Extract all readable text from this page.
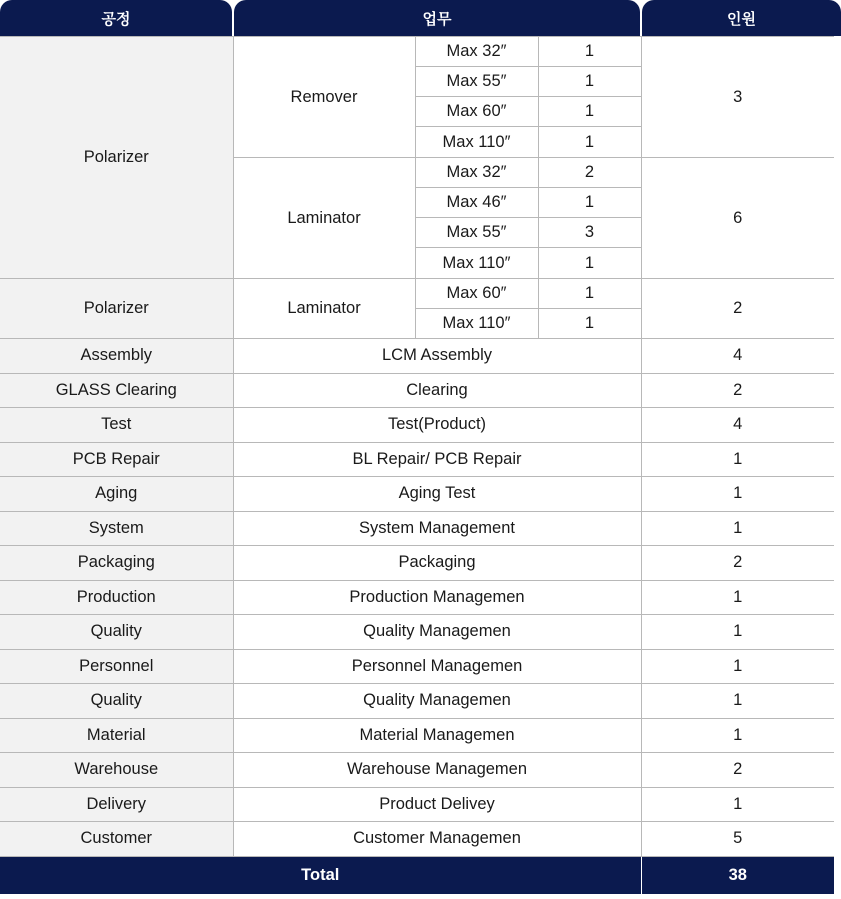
공정	업무	인원
Polarizer	Remover	Max 32″	1	3
		Max 55″	1	
		Max 60″	1	
		Max 110″	1	
	Laminator	Max 32″	2	6
		Max 46″	1	
		Max 55″	3	
		Max 110″	1	
Polarizer	Laminator	Max 60″	1	2
		Max 110″	1	
Assembly	LCM Assembly			4
GLASS Clearing	Clearing			2
Test	Test(Product)			4
PCB Repair	BL Repair/ PCB Repair			1
Aging	Aging Test			1
System	System Management			1
Packaging	Packaging			2
Production	Production Managemen			1
Quality	Quality Managemen			1
Personnel	Personnel Managemen			1
Quality	Quality Managemen			1
Material	Material Managemen			1
Warehouse	Warehouse Managemen			2
Delivery	Product Delivey			1
Customer	Customer Managemen			5
Total				38
